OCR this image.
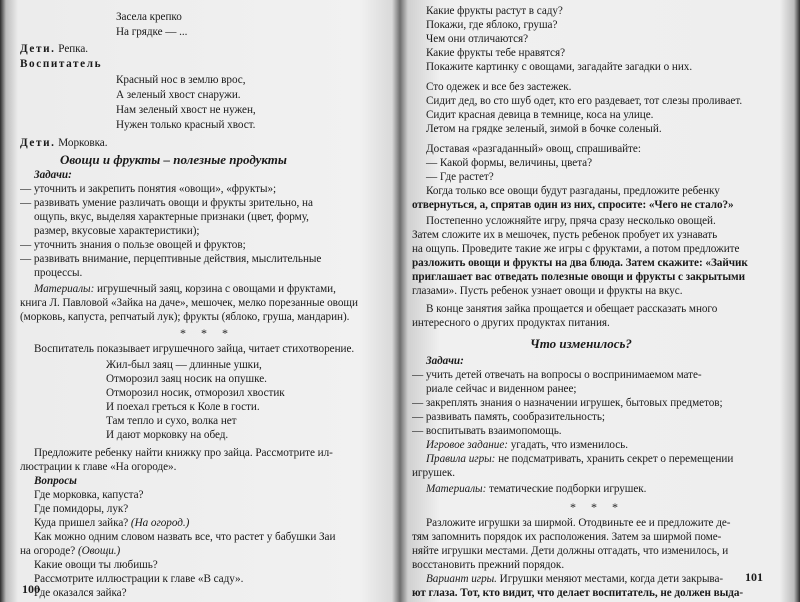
Засела крепко
На грядке — ...
Дети. Репка.
Воспитатель
Красный нос в землю врос,
А зеленый хвост снаружи.
Нам зеленый хвост не нужен,
Нужен только красный хвост.
Дети. Морковка.
Овощи и фрукты – полезные продукты
Задачи:
— уточнить и закрепить понятия «овощи», «фрукты»;
— развивать умение различать овощи и фрукты зрительно, на
ощупь, вкус, выделяя характерные признаки (цвет, форму,
размер, вкусовые характеристики);
— уточнить знания о пользе овощей и фруктов;
— развивать внимание, перцептивные действия, мыслительные
процессы.
Материалы: игрушечный заяц, корзина с овощами и фруктами,
книга Л. Павловой «Зайка на даче», мешочек, мелко порезанные овощи
(морковь, капуста, репчатый лук); фрукты (яблоко, груша, мандарин).
* * *
Воспитатель показывает игрушечного зайца, читает стихотворение.
Жил-был заяц — длинные ушки,
Отморозил заяц носик на опушке.
Отморозил носик, отморозил хвостик
И поехал греться к Коле в гости.
Там тепло и сухо, волка нет
И дают морковку на обед.
Предложите ребенку найти книжку про зайца. Рассмотрите ил-
люстрации к главе «На огороде».
Вопросы
Где морковка, капуста?
Где помидоры, лук?
Куда пришел зайка? (На огород.)
Как можно одним словом назвать все, что растет у бабушки Заи
на огороде? (Овощи.)
Какие овощи ты любишь?
Рассмотрите иллюстрации к главе «В саду».
Где оказался зайка?
100
Какие фрукты растут в саду?
Покажи, где яблоко, груша?
Чем они отличаются?
Какие фрукты тебе нравятся?
Покажите картинку с овощами, загадайте загадки о них.
Сто одежек и все без застежек.
Сидит дед, во сто шуб одет, кто его раздевает, тот слезы проливает.
Сидит красная девица в темнице, коса на улице.
Летом на грядке зеленый, зимой в бочке соленый.
Доставая «разгаданный» овощ, спрашивайте:
— Какой формы, величины, цвета?
— Где растет?
Когда только все овощи будут разгаданы, предложите ребенку
отвернуться, а, спрятав один из них, спросите: «Чего не стало?»
Постепенно усложняйте игру, пряча сразу несколько овощей.
Затем сложите их в мешочек, пусть ребенок пробует их узнавать
на ощупь. Проведите такие же игры с фруктами, а потом предложите
разложить овощи и фрукты на два блюда. Затем скажите: «Зайчик
приглашает вас отведать полезные овощи и фрукты с закрытыми
глазами». Пусть ребенок узнает овощи и фрукты на вкус.
В конце занятия зайка прощается и обещает рассказать много
интересного о других продуктах питания.
Что изменилось?
Задачи:
— учить детей отвечать на вопросы о воспринимаемом мате-
риале сейчас и виденном ранее;
— закреплять знания о назначении игрушек, бытовых предметов;
— развивать память, сообразительность;
— воспитывать взаимопомощь.
Игровое задание: угадать, что изменилось.
Правила игры: не подсматривать, хранить секрет о перемещении
игрушек.
Материалы: тематические подборки игрушек.
* * *
Разложите игрушки за ширмой. Отодвиньте ее и предложите де-
тям запомнить порядок их расположения. Затем за ширмой поме-
няйте игрушки местами. Дети должны отгадать, что изменилось, и
восстановить прежний порядок.
Вариант игры. Игрушки меняют местами, когда дети закрыва-
ют глаза. Тот, кто видит, что делает воспитатель, не должен выда-
101
